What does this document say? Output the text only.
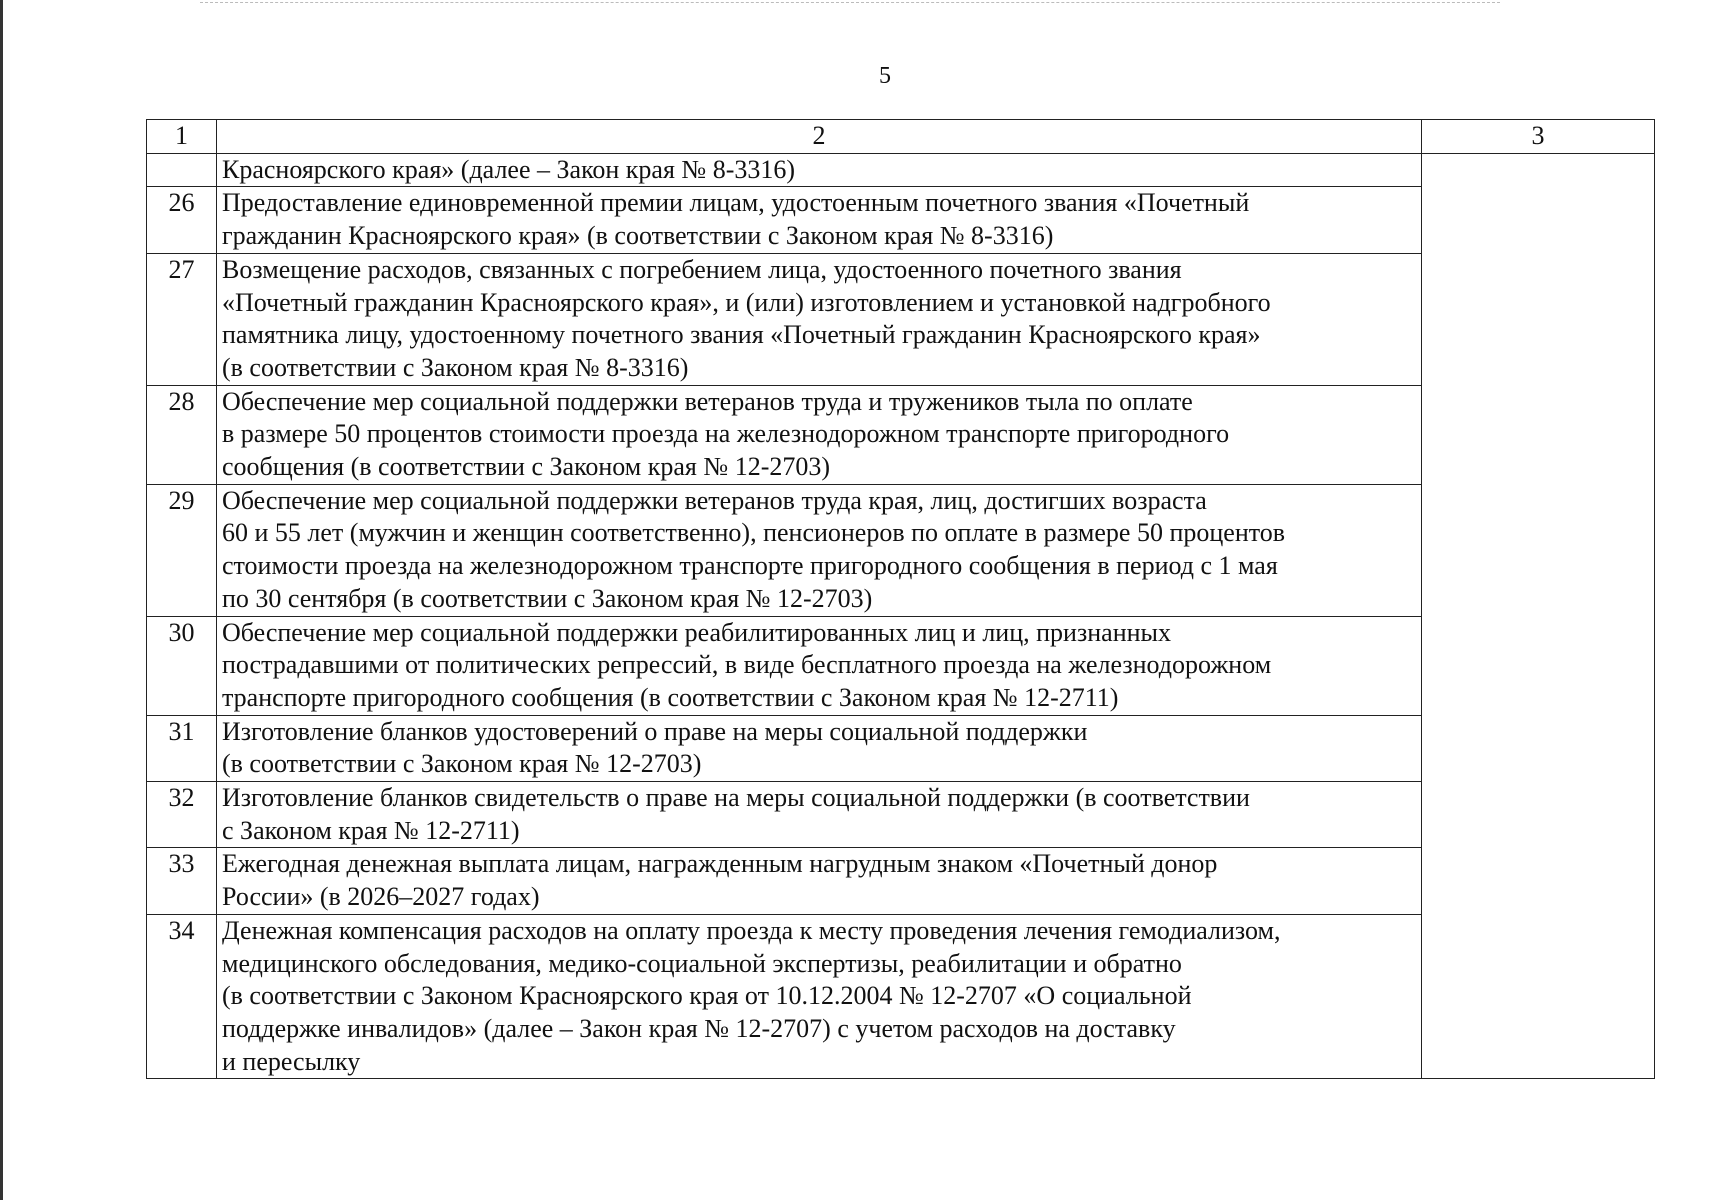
5
1	2	3

	Красноярского края» (далее – Закон края № 8-3316)	

26	Предоставление единовременной премии лицам, удостоенным почетного звания «Почетный
гражданин Красноярского края» (в соответствии с Законом края № 8-3316)	

27	Возмещение расходов, связанных с погребением лица, удостоенного почетного звания
«Почетный гражданин Красноярского края», и (или) изготовлением и установкой надгробного
памятника лицу, удостоенному почетного звания «Почетный гражданин Красноярского края»
(в соответствии с Законом края № 8-3316)	

28	Обеспечение мер социальной поддержки ветеранов труда и тружеников тыла по оплате
в размере 50 процентов стоимости проезда на железнодорожном транспорте пригородного
сообщения (в соответствии с Законом края № 12-2703)	

29	Обеспечение мер социальной поддержки ветеранов труда края, лиц, достигших возраста
60 и 55 лет (мужчин и женщин соответственно), пенсионеров по оплате в размере 50 процентов
стоимости проезда на железнодорожном транспорте пригородного сообщения в период с 1 мая
по 30 сентября (в соответствии с Законом края № 12-2703)	

30	Обеспечение мер социальной поддержки реабилитированных лиц и лиц, признанных
пострадавшими от политических репрессий, в виде бесплатного проезда на железнодорожном
транспорте пригородного сообщения (в соответствии с Законом края № 12-2711)	

31	Изготовление бланков удостоверений о праве на меры социальной поддержки
(в соответствии с Законом края № 12-2703)	

32	Изготовление бланков свидетельств о праве на меры социальной поддержки (в соответствии
с Законом края № 12-2711)	

33	Ежегодная денежная выплата лицам, награжденным нагрудным знаком «Почетный донор
России» (в 2026–2027 годах)	

34	Денежная компенсация расходов на оплату проезда к месту проведения лечения гемодиализом,
медицинского обследования, медико-социальной экспертизы, реабилитации и обратно
(в соответствии с Законом Красноярского края от 10.12.2004 № 12-2707 «О социальной
поддержке инвалидов» (далее – Закон края № 12-2707) с учетом расходов на доставку
и пересылку	
